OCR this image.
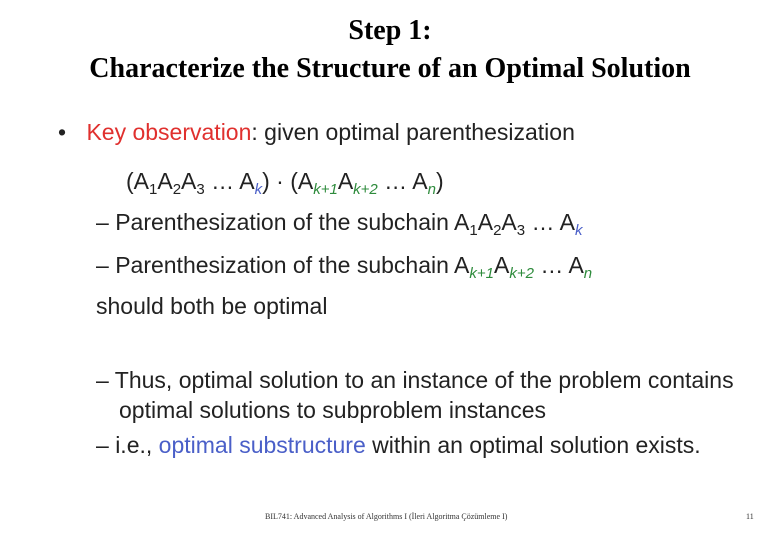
Step 1:
Characterize the Structure of an Optimal Solution
• Key observation: given optimal parenthesization
($A_1A_2A_3$ … $A_k) \cdot (A_{k+1}A_{k+2}$ … $A_n$)
– Parenthesization of the subchain $A_1A_2A_3$ … $A_k$
– Parenthesization of the subchain $A_{k+1}A_{k+2}$ … $A_n$
should both be optimal
– Thus, optimal solution to an instance of the problem contains
optimal solutions to subproblem instances
– i.e., optimal substructure within an optimal solution exists.
BIL741: Advanced Analysis of Algorithms I (İleri Algoritma Çözümleme I)	11
